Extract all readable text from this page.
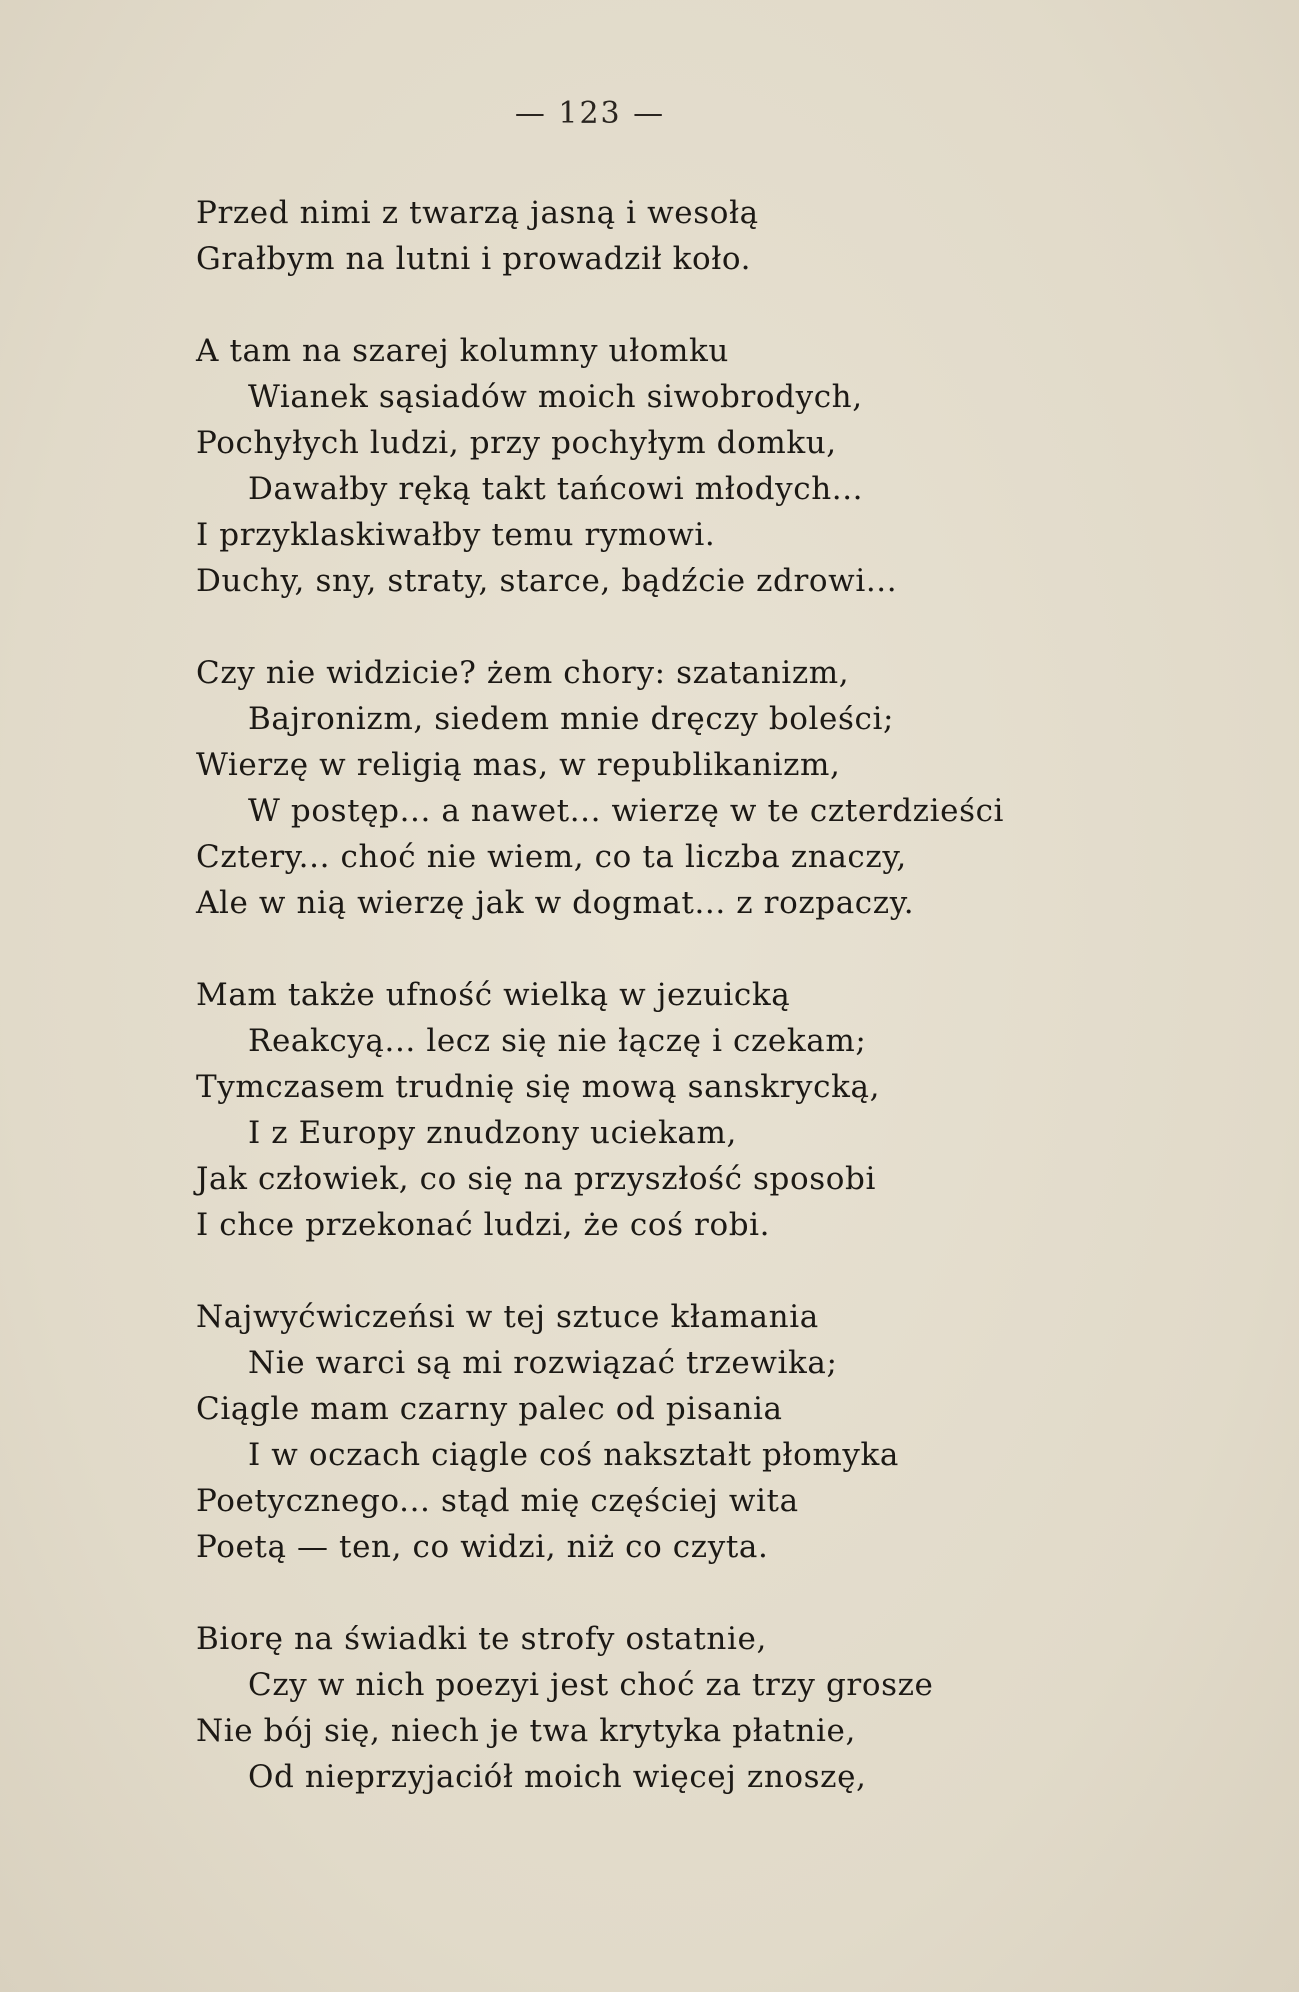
— 123 —
Przed nimi z twarzą jasną i wesołą
Grałbym na lutni i prowadził koło.
A tam na szarej kolumny ułomku
Wianek sąsiadów moich siwobrodych,
Pochyłych ludzi, przy pochyłym domku,
Dawałby ręką takt tańcowi młodych...
I przyklaskiwałby temu rymowi.
Duchy, sny, straty, starce, bądźcie zdrowi...
Czy nie widzicie? żem chory: szatanizm,
Bajronizm, siedem mnie dręczy boleści;
Wierzę w religią mas, w republikanizm,
W postęp... a nawet... wierzę w te czterdzieści
Cztery... choć nie wiem, co ta liczba znaczy,
Ale w nią wierzę jak w dogmat... z rozpaczy.
Mam także ufność wielką w jezuicką
Reakcyą... lecz się nie łączę i czekam;
Tymczasem trudnię się mową sanskrycką,
I z Europy znudzony uciekam,
Jak człowiek, co się na przyszłość sposobi
I chce przekonać ludzi, że coś robi.
Najwyćwiczeńsi w tej sztuce kłamania
Nie warci są mi rozwiązać trzewika;
Ciągle mam czarny palec od pisania
I w oczach ciągle coś nakształt płomyka
Poetycznego... stąd mię częściej wita
Poetą — ten, co widzi, niż co czyta.
Biorę na świadki te strofy ostatnie,
Czy w nich poezyi jest choć za trzy grosze
Nie bój się, niech je twa krytyka płatnie,
Od nieprzyjaciół moich więcej znoszę,
